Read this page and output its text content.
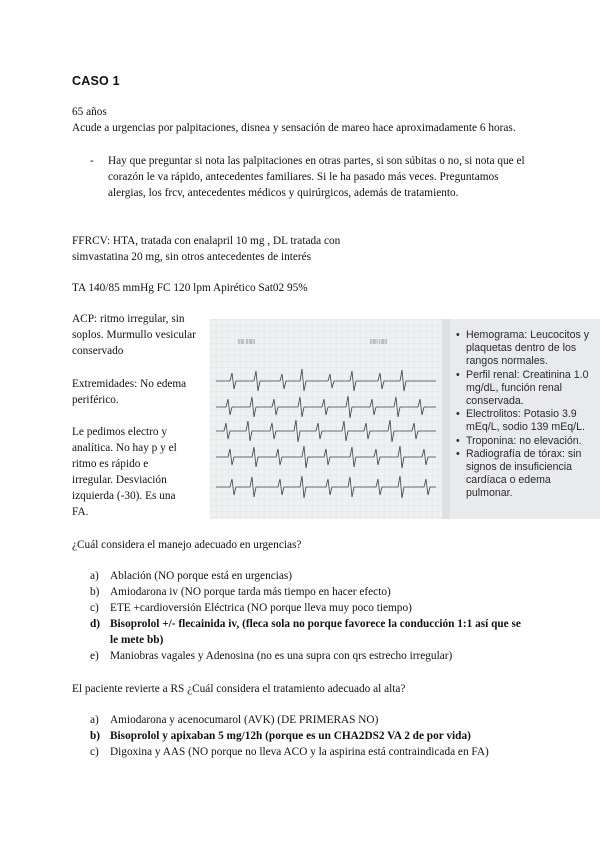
CASO 1
65 años
Acude a urgencias por palpitaciones, disnea y sensación de mareo hace aproximadamente 6 horas.
- Hay que preguntar si nota las palpitaciones en otras partes, si son súbitas o no, si nota que el corazón le va rápido, antecedentes familiares. Si le ha pasado más veces. Preguntamos alergias, los frcv, antecedentes médicos y quirúrgicos, además de tratamiento.
FFRCV: HTA, tratada con enalapril 10 mg , DL tratada con simvastatina 20 mg, sin otros antecedentes de interés
TA 140/85 mmHg FC 120 lpm Apirético Sat02 95%
ACP: ritmo irregular, sin soplos. Murmullo vesicular conservado
Extremidades: No edema periférico.
Le pedimos electro y analítica. No hay p y el ritmo es rápido e irregular. Desviación izquierda (-30). Es una FA.
||||| |||||||	|||||| ||||||
• Hemograma: Leucocitos y plaquetas dentro de los rangos normales.
• Perfil renal: Creatinina 1.0 mg/dL, función renal conservada.
• Electrolitos: Potasio 3.9 mEq/L, sodio 139 mEq/L.
• Troponina: no elevación.
• Radiografía de tórax: sin signos de insuficiencia cardíaca o edema pulmonar.
¿Cuál considera el manejo adecuado en urgencias?
a) Ablación (NO porque está en urgencias)
b) Amiodarona iv (NO porque tarda más tiempo en hacer efecto)
c) ETE +cardioversión Eléctrica (NO porque lleva muy poco tiempo)
d) Bisoprolol +/- flecainida iv, (fleca sola no porque favorece la conducción 1:1 así que se le mete bb)
e) Maniobras vagales y Adenosina (no es una supra con qrs estrecho irregular)
El paciente revierte a RS ¿Cuál considera el tratamiento adecuado al alta?
a) Amiodarona y acenocumarol (AVK) (DE PRIMERAS NO)
b) Bisoprolol y apixaban 5 mg/12h (porque es un CHA2DS2 VA 2 de por vida)
c) Digoxina y AAS (NO porque no lleva ACO y la aspirina está contraindicada en FA)
